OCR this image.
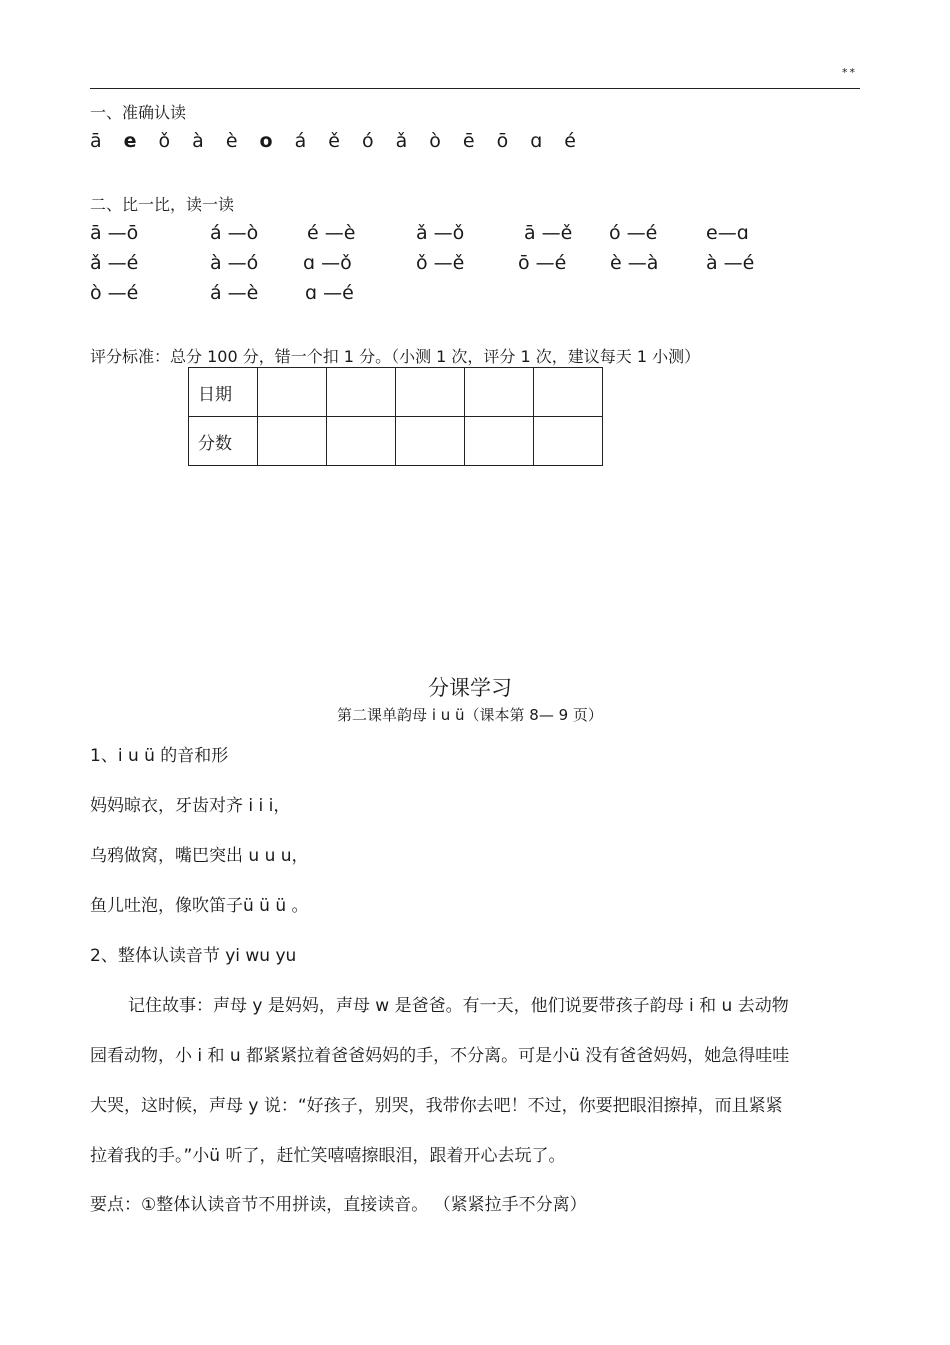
**
一、准确认读
ā e ǒ à è o á ě ó ǎ ò ē ō ɑ é
二、比一比，读一读
ā —ō	á —ò	é —è	ǎ —ǒ	ā —ě ó —é	e—ɑ
ǎ —é	à —ó ɑ —ǒ	ǒ —ě	ō —é è —à	à —é
ò —é	á —è ɑ —é
评分标准：总分 100 分，错一个扣 1 分。（小测 1 次，评分 1 次，建议每天 1 小测）
日期					
分数					
分课学习
第二课单韵母 i u ü（课本第 8— 9 页）
1、i u ü 的音和形
妈妈晾衣，牙齿对齐 i i i，
乌鸦做窝，嘴巴突出 u u u，
鱼儿吐泡，像吹笛子ü ü ü 。
2、整体认读音节 yi wu yu
记住故事：声母 y 是妈妈，声母 w 是爸爸。有一天，他们说要带孩子韵母 i 和 u 去动物
园看动物，小 i 和 u 都紧紧拉着爸爸妈妈的手，不分离。可是小ü 没有爸爸妈妈，她急得哇哇
大哭，这时候，声母 y 说：“好孩子，别哭，我带你去吧！不过，你要把眼泪擦掉，而且紧紧
拉着我的手。”小ü 听了，赶忙笑嘻嘻擦眼泪，跟着开心去玩了。
要点：①整体认读音节不用拼读，直接读音。 （紧紧拉手不分离）
